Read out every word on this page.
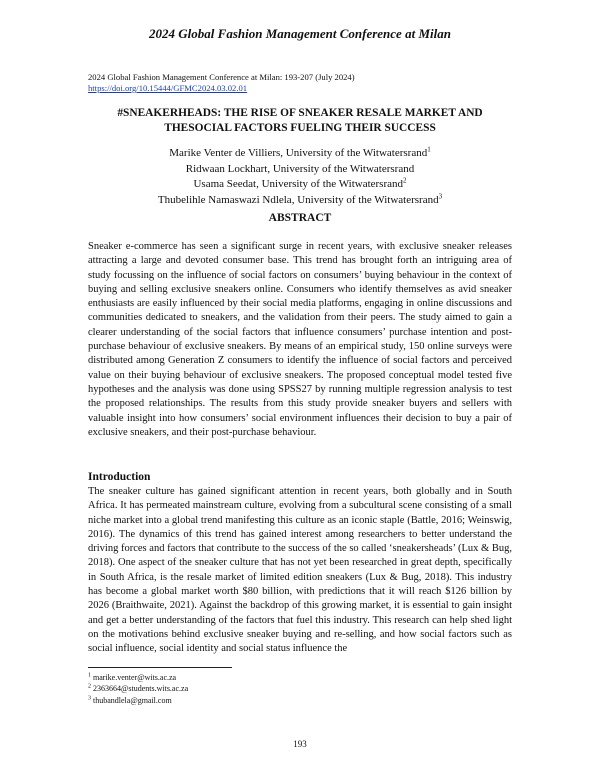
2024 Global Fashion Management Conference at Milan
2024 Global Fashion Management Conference at Milan: 193-207 (July 2024)
https://doi.org/10.15444/GFMC2024.03.02.01
#SNEAKERHEADS: THE RISE OF SNEAKER RESALE MARKET AND
THESOCIAL FACTORS FUELING THEIR SUCCESS
Marike Venter de Villiers, University of the Witwatersrand$^1$
Ridwaan Lockhart, University of the Witwatersrand
Usama Seedat, University of the Witwatersrand$^2$
Thubelihle Namaswazi Ndlela, University of the Witwatersrand$^3$
ABSTRACT
Sneaker e-commerce has seen a significant surge in recent years, with exclusive sneaker releases attracting a large and devoted consumer base. This trend has brought forth an intriguing area of study focussing on the influence of social factors on consumers’ buying behaviour in the context of buying and selling exclusive sneakers online. Consumers who identify themselves as avid sneaker enthusiasts are easily influenced by their social media platforms, engaging in online discussions and communities dedicated to sneakers, and the validation from their peers. The study aimed to gain a clearer understanding of the social factors that influence consumers’ purchase intention and post-purchase behaviour of exclusive sneakers. By means of an empirical study, 150 online surveys were distributed among Generation Z consumers to identify the influence of social factors and perceived value on their buying behaviour of exclusive sneakers. The proposed conceptual model tested five hypotheses and the analysis was done using SPSS27 by running multiple regression analysis to test the proposed relationships. The results from this study provide sneaker buyers and sellers with valuable insight into how consumers’ social environment influences their decision to buy a pair of exclusive sneakers, and their post-purchase behaviour.
Introduction
The sneaker culture has gained significant attention in recent years, both globally and in South Africa. It has permeated mainstream culture, evolving from a subcultural scene consisting of a small niche market into a global trend manifesting this culture as an iconic staple (Battle, 2016; Weinswig, 2016). The dynamics of this trend has gained interest among researchers to better understand the driving forces and factors that contribute to the success of the so called ‘sneakersheads’ (Lux & Bug, 2018). One aspect of the sneaker culture that has not yet been researched in great depth, specifically in South Africa, is the resale market of limited edition sneakers (Lux & Bug, 2018). This industry has become a global market worth $80 billion, with predictions that it will reach $126 billion by 2026 (Braithwaite, 2021). Against the backdrop of this growing market, it is essential to gain insight and get a better understanding of the factors that fuel this industry. This research can help shed light on the motivations behind exclusive sneaker buying and re-selling, and how social factors such as social influence, social identity and social status influence the
$^1$ marike.venter@wits.ac.za
$^2$ 2363664@students.wits.ac.za
$^3$ thubandlela@gmail.com
193
